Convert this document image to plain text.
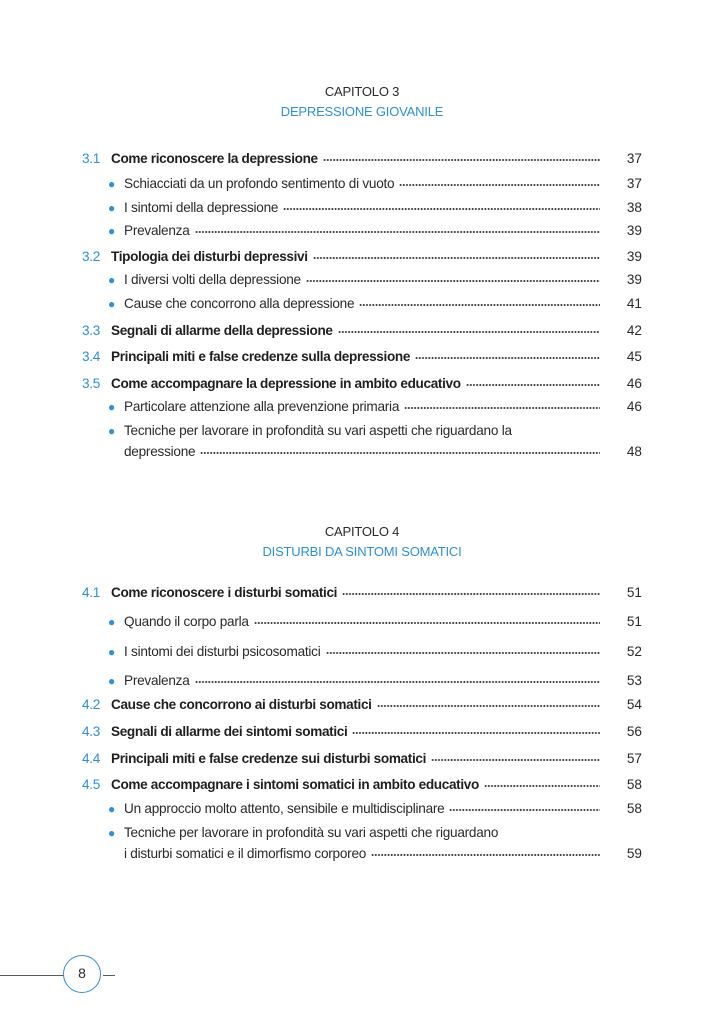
CAPITOLO 3
DEPRESSIONE GIOVANILE
3.1 Come riconoscere la depressione	37
● Schiacciati da un profondo sentimento di vuoto	37
● I sintomi della depressione	38
● Prevalenza	39
3.2 Tipologia dei disturbi depressivi	39
● I diversi volti della depressione	39
● Cause che concorrono alla depressione	41
3.3 Segnali di allarme della depressione	42
3.4 Principali miti e false credenze sulla depressione	45
3.5 Come accompagnare la depressione in ambito educativo	46
● Particolare attenzione alla prevenzione primaria	46
● Tecniche per lavorare in profondità su vari aspetti che riguardano la
depressione	48
CAPITOLO 4
DISTURBI DA SINTOMI SOMATICI
4.1 Come riconoscere i disturbi somatici	51
● Quando il corpo parla	51
● I sintomi dei disturbi psicosomatici	52
● Prevalenza	53
4.2 Cause che concorrono ai disturbi somatici	54
4.3 Segnali di allarme dei sintomi somatici	56
4.4 Principali miti e false credenze sui disturbi somatici	57
4.5 Come accompagnare i sintomi somatici in ambito educativo	58
● Un approccio molto attento, sensibile e multidisciplinare	58
● Tecniche per lavorare in profondità su vari aspetti che riguardano
i disturbi somatici e il dimorfismo corporeo	59
8
